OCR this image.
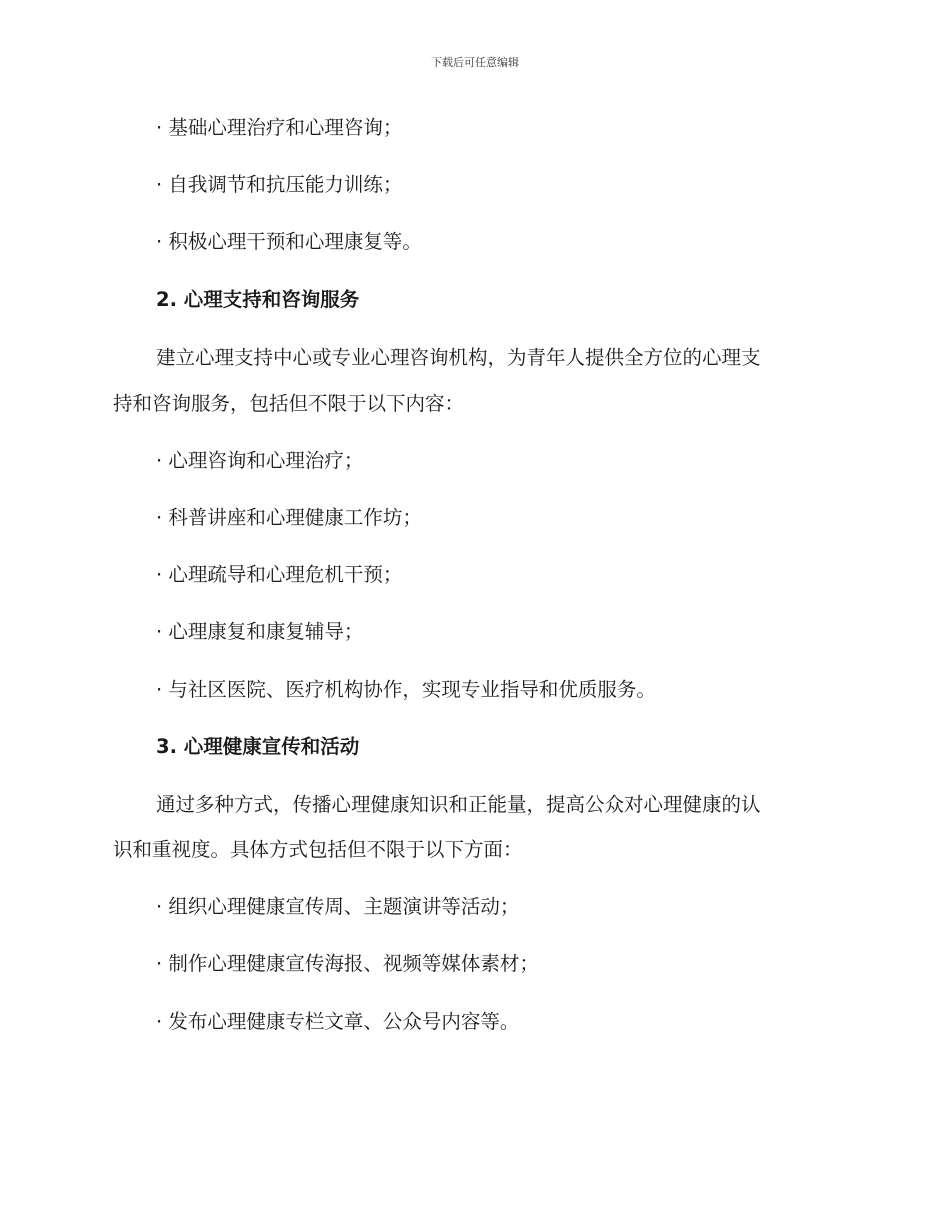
下载后可任意编辑
· 基础心理治疗和心理咨询；
· 自我调节和抗压能力训练；
· 积极心理干预和心理康复等。
2. 心理支持和咨询服务
建立心理支持中心或专业心理咨询机构，为青年人提供全方位的心理支
持和咨询服务，包括但不限于以下内容：
· 心理咨询和心理治疗；
· 科普讲座和心理健康工作坊；
· 心理疏导和心理危机干预；
· 心理康复和康复辅导；
· 与社区医院、医疗机构协作，实现专业指导和优质服务。
3. 心理健康宣传和活动
通过多种方式，传播心理健康知识和正能量，提高公众对心理健康的认
识和重视度。具体方式包括但不限于以下方面：
· 组织心理健康宣传周、主题演讲等活动；
· 制作心理健康宣传海报、视频等媒体素材；
· 发布心理健康专栏文章、公众号内容等。
